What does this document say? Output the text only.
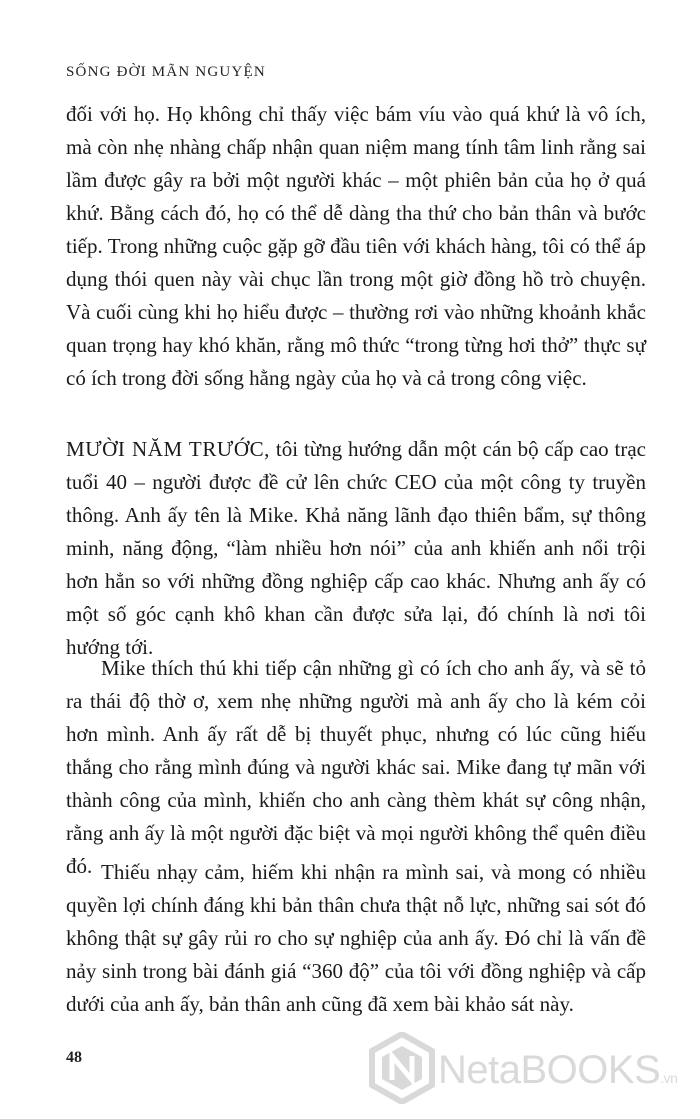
SỐNG ĐỜI MÃN NGUYỆN

đối với họ. Họ không chỉ thấy việc bám víu vào quá khứ là vô ích, mà còn nhẹ nhàng chấp nhận quan niệm mang tính tâm linh rằng sai lầm được gây ra bởi một người khác – một phiên bản của họ ở quá khứ. Bằng cách đó, họ có thể dễ dàng tha thứ cho bản thân và bước tiếp. Trong những cuộc gặp gỡ đầu tiên với khách hàng, tôi có thể áp dụng thói quen này vài chục lần trong một giờ đồng hồ trò chuyện. Và cuối cùng khi họ hiểu được – thường rơi vào những khoảnh khắc quan trọng hay khó khăn, rằng mô thức “trong từng hơi thở” thực sự có ích trong đời sống hằng ngày của họ và cả trong công việc.

MƯỜI NĂM TRƯỚC, tôi từng hướng dẫn một cán bộ cấp cao trạc tuổi 40 – người được đề cử lên chức CEO của một công ty truyền thông. Anh ấy tên là Mike. Khả năng lãnh đạo thiên bẩm, sự thông minh, năng động, “làm nhiều hơn nói” của anh khiến anh nổi trội hơn hẳn so với những đồng nghiệp cấp cao khác. Nhưng anh ấy có một số góc cạnh khô khan cần được sửa lại, đó chính là nơi tôi hướng tới.

Mike thích thú khi tiếp cận những gì có ích cho anh ấy, và sẽ tỏ ra thái độ thờ ơ, xem nhẹ những người mà anh ấy cho là kém cỏi hơn mình. Anh ấy rất dễ bị thuyết phục, nhưng có lúc cũng hiếu thắng cho rằng mình đúng và người khác sai. Mike đang tự mãn với thành công của mình, khiến cho anh càng thèm khát sự công nhận, rằng anh ấy là một người đặc biệt và mọi người không thể quên điều đó. Thiếu nhạy cảm, hiếm khi nhận ra mình sai, và mong có nhiều quyền lợi chính đáng khi bản thân chưa thật nỗ lực, những sai sót đó không thật sự gây rủi ro cho sự nghiệp của anh ấy. Đó chỉ là vấn đề nảy sinh trong bài đánh giá “360 độ” của tôi với đồng nghiệp và cấp dưới của anh ấy, bản thân anh cũng đã xem bài khảo sát này.

48	NetaBOOKS.vn
